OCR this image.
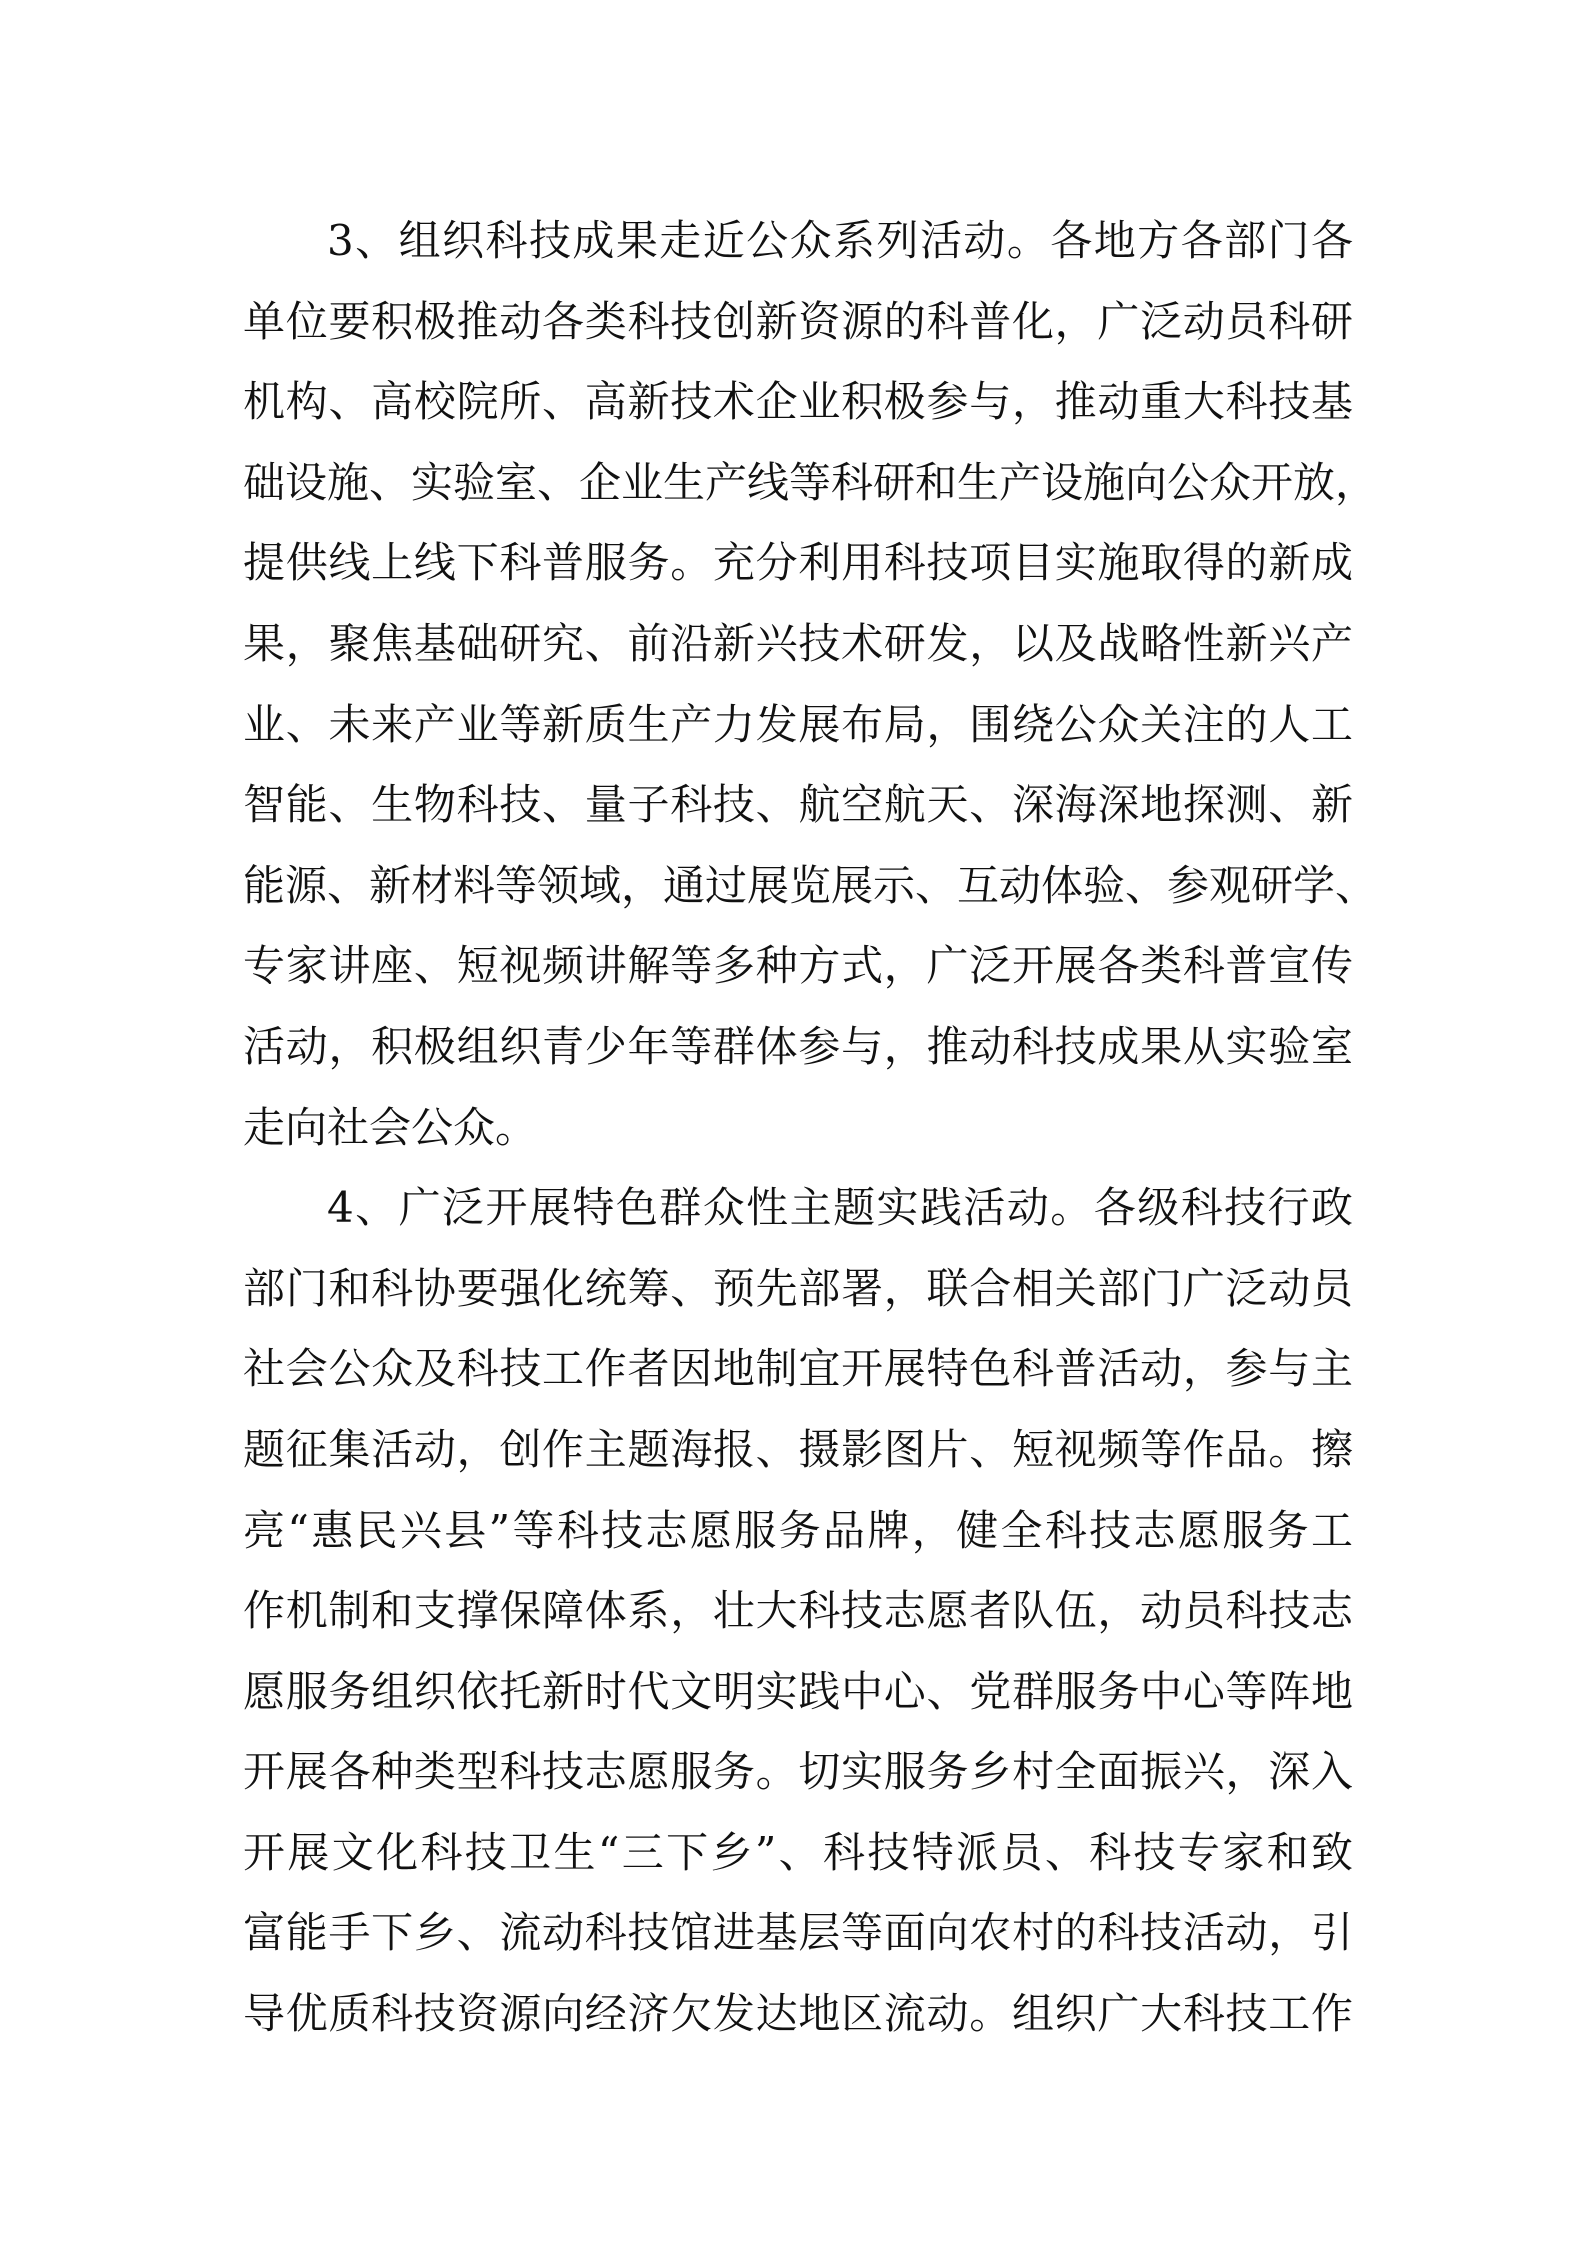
3、组织科技成果走近公众系列活动。各地方各部门各
单位要积极推动各类科技创新资源的科普化，广泛动员科研
机构、高校院所、高新技术企业积极参与，推动重大科技基
础设施、实验室、企业生产线等科研和生产设施向公众开放，
提供线上线下科普服务。充分利用科技项目实施取得的新成
果，聚焦基础研究、前沿新兴技术研发，以及战略性新兴产
业、未来产业等新质生产力发展布局，围绕公众关注的人工
智能、生物科技、量子科技、航空航天、深海深地探测、新
能源、新材料等领域，通过展览展示、互动体验、参观研学、
专家讲座、短视频讲解等多种方式，广泛开展各类科普宣传
活动，积极组织青少年等群体参与，推动科技成果从实验室
走向社会公众。
4、广泛开展特色群众性主题实践活动。各级科技行政
部门和科协要强化统筹、预先部署，联合相关部门广泛动员
社会公众及科技工作者因地制宜开展特色科普活动，参与主
题征集活动，创作主题海报、摄影图片、短视频等作品。擦
亮“惠民兴县”等科技志愿服务品牌，健全科技志愿服务工
作机制和支撑保障体系，壮大科技志愿者队伍，动员科技志
愿服务组织依托新时代文明实践中心、党群服务中心等阵地
开展各种类型科技志愿服务。切实服务乡村全面振兴，深入
开展文化科技卫生“三下乡”、科技特派员、科技专家和致
富能手下乡、流动科技馆进基层等面向农村的科技活动，引
导优质科技资源向经济欠发达地区流动。组织广大科技工作
